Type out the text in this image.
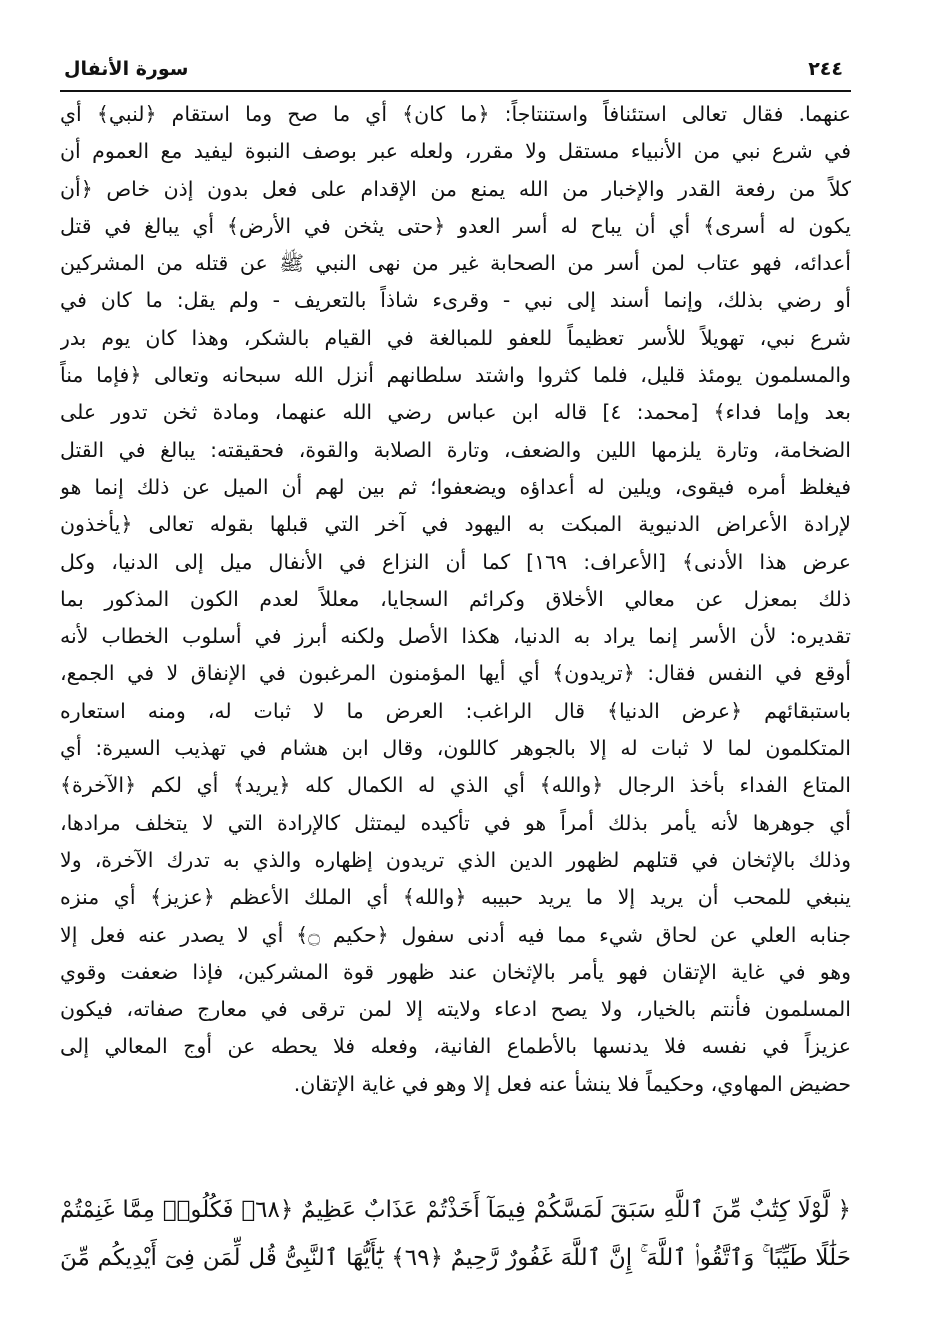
٢٤٤
سورة الأنفال
عنهما. فقال تعالى استئنافاً واستنتاجاً: ﴿ما كان﴾ أي ما صح وما استقام ﴿لنبي﴾ أي
في شرع نبي من الأنبياء مستقل ولا مقرر، ولعله عبر بوصف النبوة ليفيد مع العموم أن
كلاً من رفعة القدر والإخبار من الله يمنع من الإقدام على فعل بدون إذن خاص ﴿أن
يكون له أسرى﴾ أي أن يباح له أسر العدو ﴿حتى يثخن في الأرض﴾ أي يبالغ في قتل
أعدائه، فهو عتاب لمن أسر من الصحابة غير من نهى النبي ﷺ عن قتله من المشركين
أو رضي بذلك، وإنما أسند إلى نبي - وقرىء شاذاً بالتعريف - ولم يقل: ما كان في
شرع نبي، تهويلاً للأسر تعظيماً للعفو للمبالغة في القيام بالشكر، وهذا كان يوم بدر
والمسلمون يومئذ قليل، فلما كثروا واشتد سلطانهم أنزل الله سبحانه وتعالى ﴿فإما مناً
بعد وإما فداء﴾ [محمد: ٤] قاله ابن عباس رضي الله عنهما، ومادة ثخن تدور على
الضخامة، وتارة يلزمها اللين والضعف، وتارة الصلابة والقوة، فحقيقته: يبالغ في القتل
فيغلظ أمره فيقوى، ويلين له أعداؤه ويضعفوا؛ ثم بين لهم أن الميل عن ذلك إنما هو
لإرادة الأعراض الدنيوية المبكت به اليهود في آخر التي قبلها بقوله تعالى ﴿يأخذون
عرض هذا الأدنى﴾ [الأعراف: ١٦٩] كما أن النزاع في الأنفال ميل إلى الدنيا، وكل
ذلك بمعزل عن معالي الأخلاق وكرائم السجايا، معللاً لعدم الكون المذكور بما
تقديره: لأن الأسر إنما يراد به الدنيا، هكذا الأصل ولكنه أبرز في أسلوب الخطاب لأنه
أوقع في النفس فقال: ﴿تريدون﴾ أي أيها المؤمنون المرغبون في الإنفاق لا في الجمع،
باستبقائهم ﴿عرض الدنيا﴾ قال الراغب: العرض ما لا ثبات له، ومنه استعاره
المتكلمون لما لا ثبات له إلا بالجوهر كاللون، وقال ابن هشام في تهذيب السيرة: أي
المتاع الفداء بأخذ الرجال ﴿والله﴾ أي الذي له الكمال كله ﴿يريد﴾ أي لكم ﴿الآخرة﴾
أي جوهرها لأنه يأمر بذلك أمراً هو في تأكيده ليمتثل كالإرادة التي لا يتخلف مرادها،
وذلك بالإثخان في قتلهم لظهور الدين الذي تريدون إظهاره والذي به تدرك الآخرة، ولا
ينبغي للمحب أن يريد إلا ما يريد حبيبه ﴿والله﴾ أي الملك الأعظم ﴿عزيز﴾ أي منزه
جنابه العلي عن لحاق شيء مما فيه أدنى سفول ﴿حكيم ۝﴾ أي لا يصدر عنه فعل إلا
وهو في غاية الإتقان فهو يأمر بالإثخان عند ظهور قوة المشركين، فإذا ضعفت وقوي
المسلمون فأنتم بالخيار، ولا يصح ادعاء ولايته إلا لمن ترقى في معارج صفاته، فيكون
عزيزاً في نفسه فلا يدنسها بالأطماع الفانية، وفعله فلا يحطه عن أوج المعالي إلى
حضيض المهاوي، وحكيماً فلا ينشأ عنه فعل إلا وهو في غاية الإتقان.
﴿ لَّوْلَا كِتَٰبٌ مِّنَ ٱللَّهِ سَبَقَ لَمَسَّكُمْ فِيمَآ أَخَذْتُمْ عَذَابٌ عَظِيمٌ ﴿٦٨﴾ فَكُلُوا۟ مِمَّا غَنِمْتُمْ
حَلَٰلًا طَيِّبًا ۚ وَٱتَّقُوا۟ ٱللَّهَ ۚ إِنَّ ٱللَّهَ غَفُورٌ رَّحِيمٌ ﴿٦٩﴾ يَٰٓأَيُّهَا ٱلنَّبِىُّ قُل لِّمَن فِىٓ أَيْدِيكُم مِّنَ
